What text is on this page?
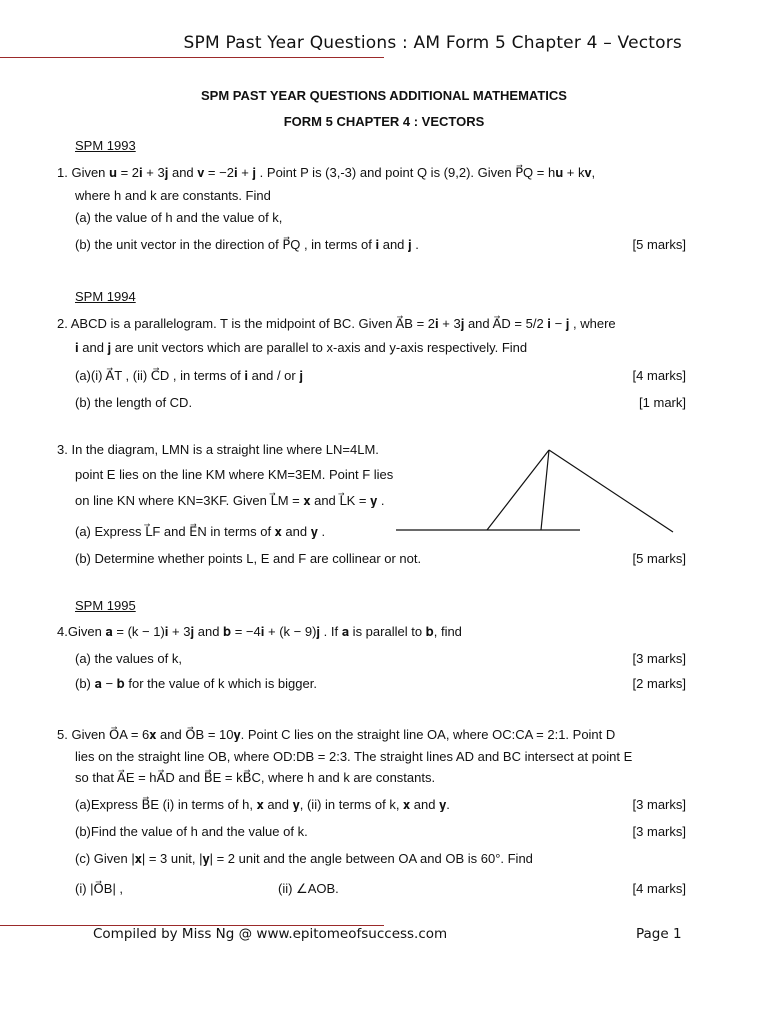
SPM Past Year Questions : AM Form 5 Chapter 4 – Vectors
SPM PAST YEAR QUESTIONS ADDITIONAL MATHEMATICS
FORM 5 CHAPTER 4 : VECTORS
SPM 1993
1. Given 𝐮 = 2𝐢 + 3𝐣 and 𝐯 = −2𝐢 + 𝐣 . Point P is (3,-3) and point Q is (9,2). Given P⃗Q = h𝐮 + k𝐯,
where h and k are constants. Find
(a) the value of h and the value of k,
(b) the unit vector in the direction of P⃗Q , in terms of 𝐢 and 𝐣 .	[5 marks]
SPM 1994
2. ABCD is a parallelogram. T is the midpoint of BC. Given A⃗B = 2𝐢 + 3𝐣 and A⃗D = 5/2 𝐢 − 𝐣 , where
𝐢 and 𝐣 are unit vectors which are parallel to x-axis and y-axis respectively. Find
(a)(i) A⃗T , (ii) C⃗D , in terms of 𝐢 and / or 𝐣	[4 marks]
(b) the length of CD.	[1 mark]
3. In the diagram, LMN is a straight line where LN=4LM.
point E lies on the line KM where KM=3EM. Point F lies
on line KN where KN=3KF. Given L⃗M = 𝐱 and L⃗K = 𝐲 .
(a) Express L⃗F and E⃗N in terms of 𝐱 and 𝐲 .
(b) Determine whether points L, E and F are collinear or not.	[5 marks]
SPM 1995
4.Given 𝐚 = (k − 1)𝐢 + 3𝐣 and 𝐛 = −4𝐢 + (k − 9)𝐣 . If 𝐚 is parallel to 𝐛, find
(a) the values of k,	[3 marks]
(b) 𝐚 − 𝐛 for the value of k which is bigger.	[2 marks]
5. Given O⃗A = 6𝐱 and O⃗B = 10𝐲. Point C lies on the straight line OA, where OC:CA = 2:1. Point D
lies on the straight line OB, where OD:DB = 2:3. The straight lines AD and BC intersect at point E
so that A⃗E = hA⃗D and B⃗E = kB⃗C, where h and k are constants.
(a)Express B⃗E (i) in terms of h, 𝐱 and 𝐲, (ii) in terms of k, 𝐱 and 𝐲.	[3 marks]
(b)Find the value of h and the value of k.	[3 marks]
(c) Given |𝐱| = 3 unit, |𝐲| = 2 unit and the angle between OA and OB is 60°. Find
(i) |O⃗B| ,	(ii) ∠AOB.	[4 marks]
Compiled by Miss Ng @ www.epitomeofsuccess.com	Page 1
